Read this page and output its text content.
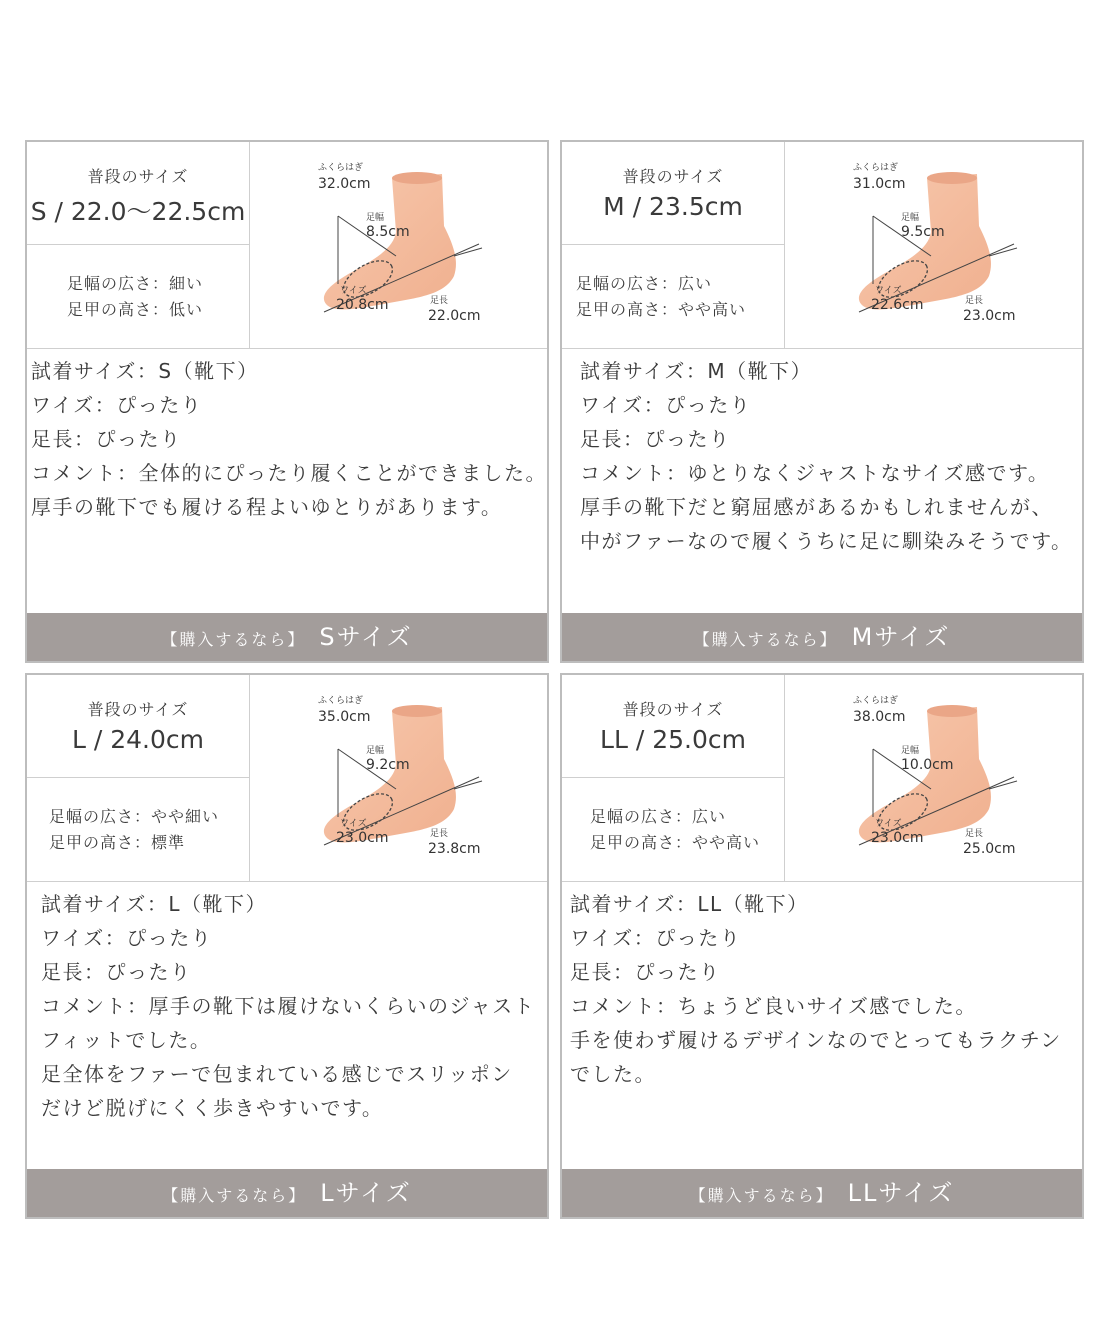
普段のサイズ
S / 22.0〜22.5cm
足幅の広さ：細い
足甲の高さ：低い
ふくらはぎ
32.0cm
足幅
8.5cm
ワイズ
20.8cm	足長
22.0cm
試着サイズ：S（靴下）
ワイズ：ぴったり
足長：ぴったり
コメント：全体的にぴったり履くことができました。
厚手の靴下でも履ける程よいゆとりがあります。
【購入するなら】 Sサイズ
普段のサイズ
M / 23.5cm
足幅の広さ：広い
足甲の高さ：やや高い
ふくらはぎ
31.0cm
足幅
9.5cm
ワイズ
22.6cm	足長
23.0cm
試着サイズ：M（靴下）
ワイズ：ぴったり
足長：ぴったり
コメント：ゆとりなくジャストなサイズ感です。
厚手の靴下だと窮屈感があるかもしれませんが、
中がファーなので履くうちに足に馴染みそうです。
【購入するなら】 Mサイズ
普段のサイズ
L / 24.0cm
足幅の広さ：やや細い
足甲の高さ：標準
ふくらはぎ
35.0cm
足幅
9.2cm
ワイズ
23.0cm	足長
23.8cm
試着サイズ：L（靴下）
ワイズ：ぴったり
足長：ぴったり
コメント：厚手の靴下は履けないくらいのジャスト
フィットでした。
足全体をファーで包まれている感じでスリッポン
だけど脱げにくく歩きやすいです。
【購入するなら】 Lサイズ
普段のサイズ
LL / 25.0cm
足幅の広さ：広い
足甲の高さ：やや高い
ふくらはぎ
38.0cm
足幅
10.0cm
ワイズ
23.0cm	足長
25.0cm
試着サイズ：LL（靴下）
ワイズ：ぴったり
足長：ぴったり
コメント：ちょうど良いサイズ感でした。
手を使わず履けるデザインなのでとってもラクチン
でした。
【購入するなら】 LLサイズ
